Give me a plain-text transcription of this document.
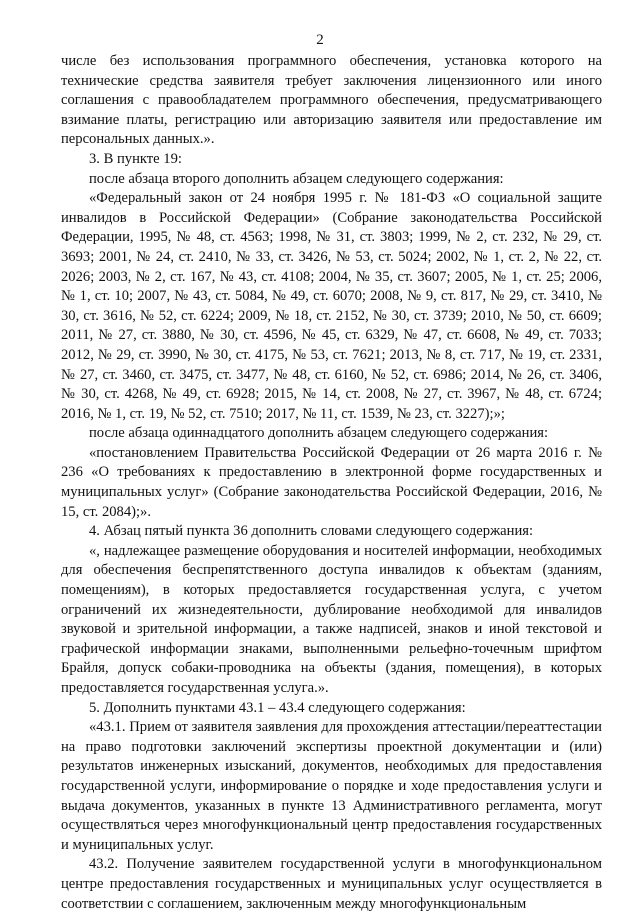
2

числе без использования программного обеспечения, установка которого на технические средства заявителя требует заключения лицензионного или иного соглашения с правообладателем программного обеспечения, предусматривающего взимание платы, регистрацию или авторизацию заявителя или предоставление им персональных данных.».

3. В пункте 19:

после абзаца второго дополнить абзацем следующего содержания:

«Федеральный закон от 24 ноября 1995 г. № 181-ФЗ «О социальной защите инвалидов в Российской Федерации» (Собрание законодательства Российской Федерации, 1995, № 48, ст. 4563; 1998, № 31, ст. 3803; 1999, № 2, ст. 232, № 29, ст. 3693; 2001, № 24, ст. 2410, № 33, ст. 3426, № 53, ст. 5024; 2002, № 1, ст. 2, № 22, ст. 2026; 2003, № 2, ст. 167, № 43, ст. 4108; 2004, № 35, ст. 3607; 2005, № 1, ст. 25; 2006, № 1, ст. 10; 2007, № 43, ст. 5084, № 49, ст. 6070; 2008, № 9, ст. 817, № 29, ст. 3410, № 30, ст. 3616, № 52, ст. 6224; 2009, № 18, ст. 2152, № 30, ст. 3739; 2010, № 50, ст. 6609; 2011, № 27, ст. 3880, № 30, ст. 4596, № 45, ст. 6329, № 47, ст. 6608, № 49, ст. 7033; 2012, № 29, ст. 3990, № 30, ст. 4175, № 53, ст. 7621; 2013, № 8, ст. 717, № 19, ст. 2331, № 27, ст. 3460, ст. 3475, ст. 3477, № 48, ст. 6160, № 52, ст. 6986; 2014, № 26, ст. 3406, № 30, ст. 4268, № 49, ст. 6928; 2015, № 14, ст. 2008, № 27, ст. 3967, № 48, ст. 6724; 2016, № 1, ст. 19, № 52, ст. 7510; 2017, № 11, ст. 1539, № 23, ст. 3227);»;

после абзаца одиннадцатого дополнить абзацем следующего содержания:

«постановлением Правительства Российской Федерации от 26 марта 2016 г. № 236 «О требованиях к предоставлению в электронной форме государственных и муниципальных услуг» (Собрание законодательства Российской Федерации, 2016, № 15, ст. 2084);».

4. Абзац пятый пункта 36 дополнить словами следующего содержания:

«, надлежащее размещение оборудования и носителей информации, необходимых для обеспечения беспрепятственного доступа инвалидов к объектам (зданиям, помещениям), в которых предоставляется государственная услуга, с учетом ограничений их жизнедеятельности, дублирование необходимой для инвалидов звуковой и зрительной информации, а также надписей, знаков и иной текстовой и графической информации знаками, выполненными рельефно-точечным шрифтом Брайля, допуск собаки-проводника на объекты (здания, помещения), в которых предоставляется государственная услуга.».

5. Дополнить пунктами 43.1 – 43.4 следующего содержания:

«43.1. Прием от заявителя заявления для прохождения аттестации/переаттестации на право подготовки заключений экспертизы проектной документации и (или) результатов инженерных изысканий, документов, необходимых для предоставления государственной услуги, информирование о порядке и ходе предоставления услуги и выдача документов, указанных в пункте 13 Административного регламента, могут осуществляться через многофункциональный центр предоставления государственных и муниципальных услуг.

43.2. Получение заявителем государственной услуги в многофункциональном центре предоставления государственных и муниципальных услуг осуществляется в соответствии с соглашением, заключенным между многофункциональным
